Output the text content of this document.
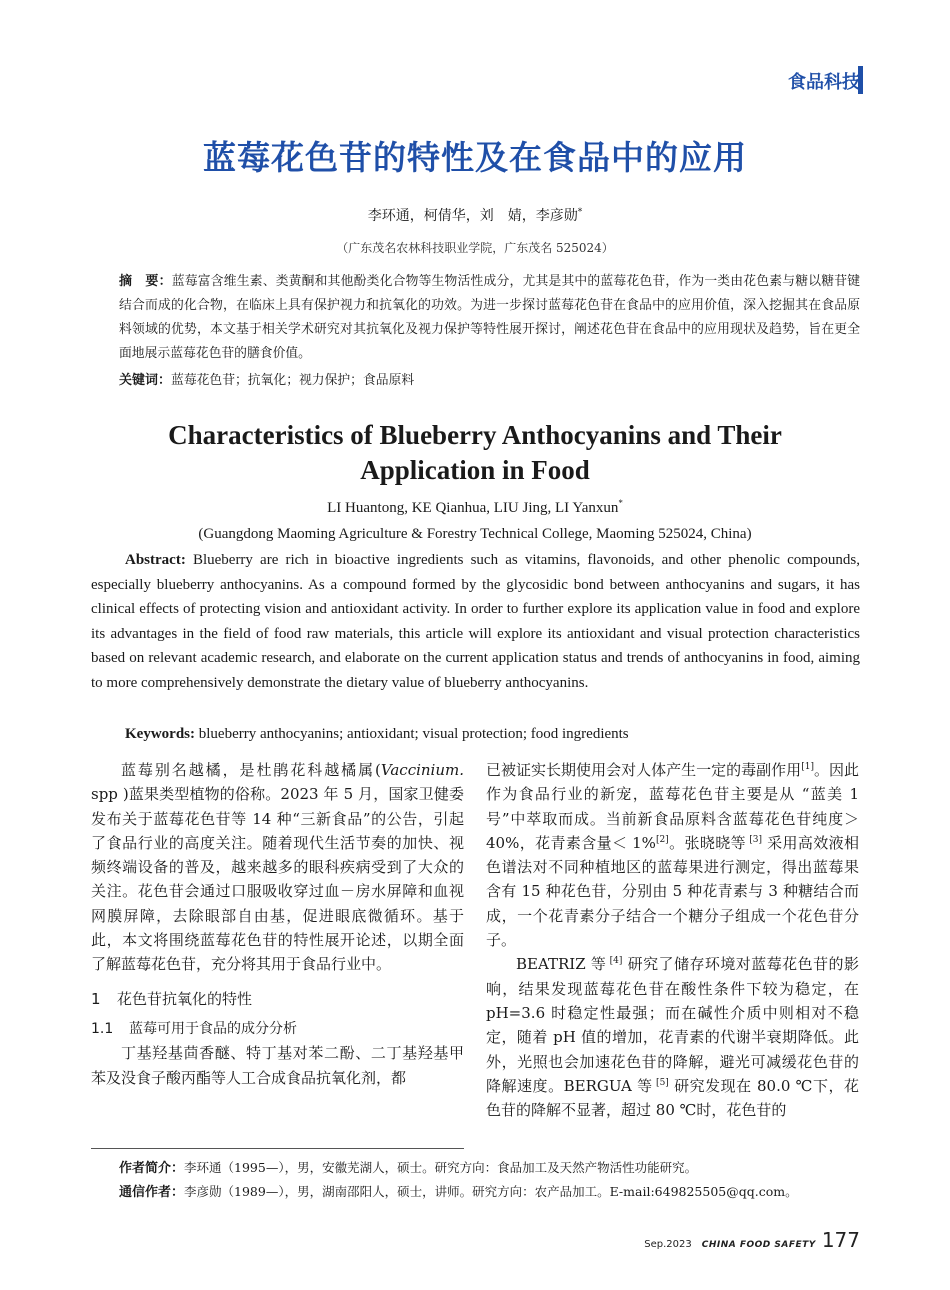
食品科技
蓝莓花色苷的特性及在食品中的应用
李环通，柯倩华，刘　婧，李彦勋*
（广东茂名农林科技职业学院，广东茂名 525024）
摘　要：蓝莓富含维生素、类黄酮和其他酚类化合物等生物活性成分，尤其是其中的蓝莓花色苷，作为一类由花色素与糖以糖苷键结合而成的化合物，在临床上具有保护视力和抗氧化的功效。为进一步探讨蓝莓花色苷在食品中的应用价值，深入挖掘其在食品原料领域的优势，本文基于相关学术研究对其抗氧化及视力保护等特性展开探讨，阐述花色苷在食品中的应用现状及趋势，旨在更全面地展示蓝莓花色苷的膳食价值。
关键词：蓝莓花色苷；抗氧化；视力保护；食品原料
Characteristics of Blueberry Anthocyanins and Their
Application in Food
LI Huantong, KE Qianhua, LIU Jing, LI Yanxun*
(Guangdong Maoming Agriculture & Forestry Technical College, Maoming 525024, China)
Abstract: Blueberry are rich in bioactive ingredients such as vitamins, flavonoids, and other phenolic compounds, especially blueberry anthocyanins. As a compound formed by the glycosidic bond between anthocyanins and sugars, it has clinical effects of protecting vision and antioxidant activity. In order to further explore its application value in food and explore its advantages in the field of food raw materials, this article will explore its antioxidant and visual protection characteristics based on relevant academic research, and elaborate on the current application status and trends of anthocyanins in food, aiming to more comprehensively demonstrate the dietary value of blueberry anthocyanins.
Keywords: blueberry anthocyanins; antioxidant; visual protection; food ingredients

蓝莓别名越橘，是杜鹃花科越橘属(Vaccinium. spp )蓝果类型植物的俗称。2023 年 5 月，国家卫健委发布关于蓝莓花色苷等 14 种“三新食品”的公告，引起了食品行业的高度关注。随着现代生活节奏的加快、视频终端设备的普及，越来越多的眼科疾病受到了大众的关注。花色苷会通过口服吸收穿过血－房水屏障和血视网膜屏障，去除眼部自由基，促进眼底微循环。基于此，本文将围绕蓝莓花色苷的特性展开论述，以期全面了解蓝莓花色苷，充分将其用于食品行业中。

1 花色苷抗氧化的特性

1.1 蓝莓可用于食品的成分分析

丁基羟基茴香醚、特丁基对苯二酚、二丁基羟基甲苯及没食子酸丙酯等人工合成食品抗氧化剂，都

已被证实长期使用会对人体产生一定的毒副作用[1]。因此作为食品行业的新宠，蓝莓花色苷主要是从 “蓝美 1 号”中萃取而成。当前新食品原料含蓝莓花色苷纯度＞ 40%，花青素含量＜ 1%[2]。张晓晓等 [3] 采用高效液相色谱法对不同种植地区的蓝莓果进行测定，得出蓝莓果含有 15 种花色苷，分别由 5 种花青素与 3 种糖结合而成，一个花青素分子结合一个糖分子组成一个花色苷分子。

BEATRIZ 等 [4] 研究了储存环境对蓝莓花色苷的影响，结果发现蓝莓花色苷在酸性条件下较为稳定，在 pH=3.6 时稳定性最强；而在碱性介质中则相对不稳定，随着 pH 值的增加，花青素的代谢半衰期降低。此外，光照也会加速花色苷的降解，避光可减缓花色苷的降解速度。BERGUA 等 [5] 研究发现在 80.0 ℃下，花色苷的降解不显著，超过 80 ℃时，花色苷的

作者简介：李环通（1995—），男，安徽芜湖人，硕士。研究方向：食品加工及天然产物活性功能研究。
通信作者：李彦勋（1989—），男，湖南邵阳人，硕士，讲师。研究方向：农产品加工。E-mail:649825505@qq.com。
Sep.2023 CHINA FOOD SAFETY 177
